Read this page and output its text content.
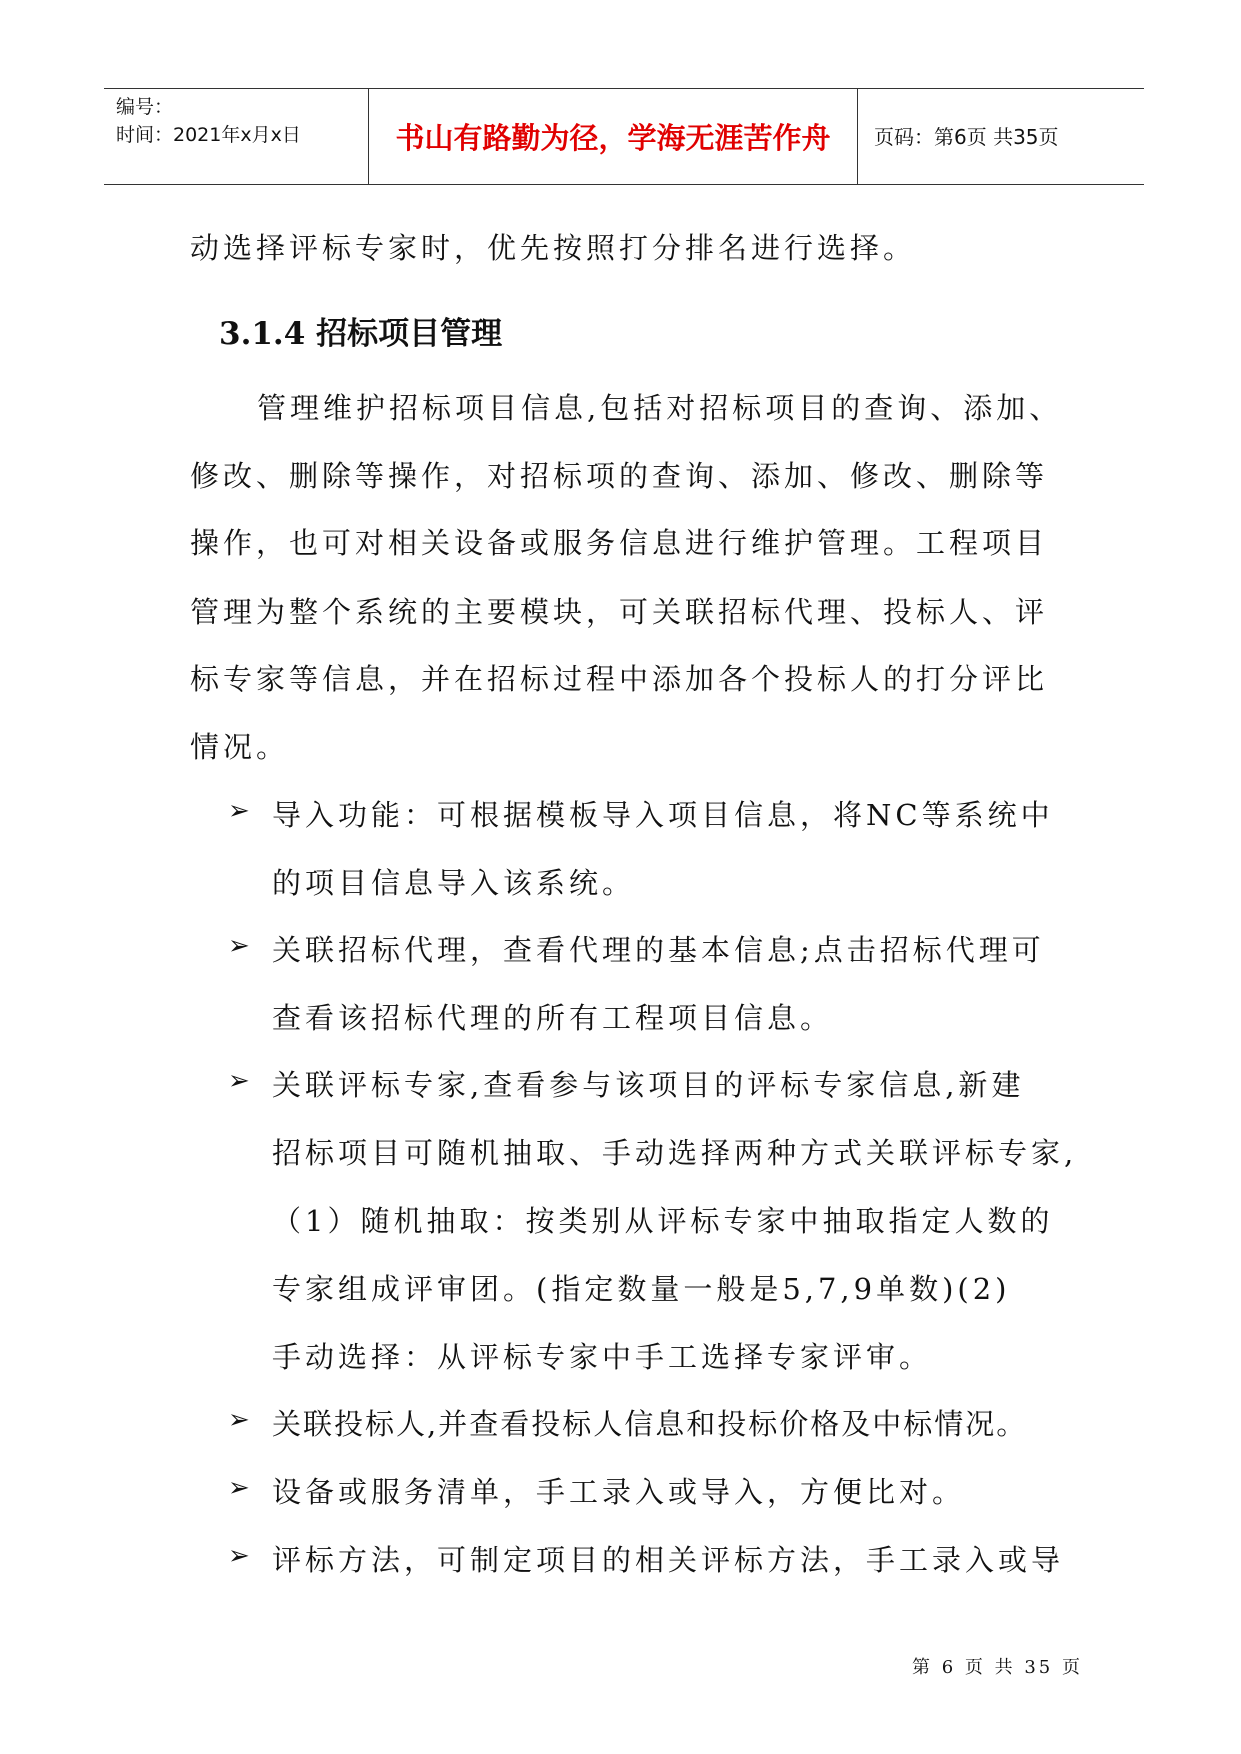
编号：
时间：2021年x月x日	书山有路勤为径，学海无涯苦作舟	页码：第6页 共35页
动选择评标专家时，优先按照打分排名进行选择。
3.1.4 招标项目管理
管理维护招标项目信息,包括对招标项目的查询、添加、
修改、删除等操作，对招标项的查询、添加、修改、删除等
操作，也可对相关设备或服务信息进行维护管理。工程项目
管理为整个系统的主要模块，可关联招标代理、投标人、评
标专家等信息，并在招标过程中添加各个投标人的打分评比
情况。
➢ 导入功能：可根据模板导入项目信息，将NC等系统中
的项目信息导入该系统。
➢ 关联招标代理，查看代理的基本信息;点击招标代理可
查看该招标代理的所有工程项目信息。
➢ 关联评标专家,查看参与该项目的评标专家信息,新建
招标项目可随机抽取、手动选择两种方式关联评标专家,
（1）随机抽取：按类别从评标专家中抽取指定人数的
专家组成评审团。(指定数量一般是5,7,9单数)(2)
手动选择：从评标专家中手工选择专家评审。
➢ 关联投标人,并查看投标人信息和投标价格及中标情况。
➢ 设备或服务清单，手工录入或导入，方便比对。
➢ 评标方法，可制定项目的相关评标方法，手工录入或导
第 6 页 共 35 页
